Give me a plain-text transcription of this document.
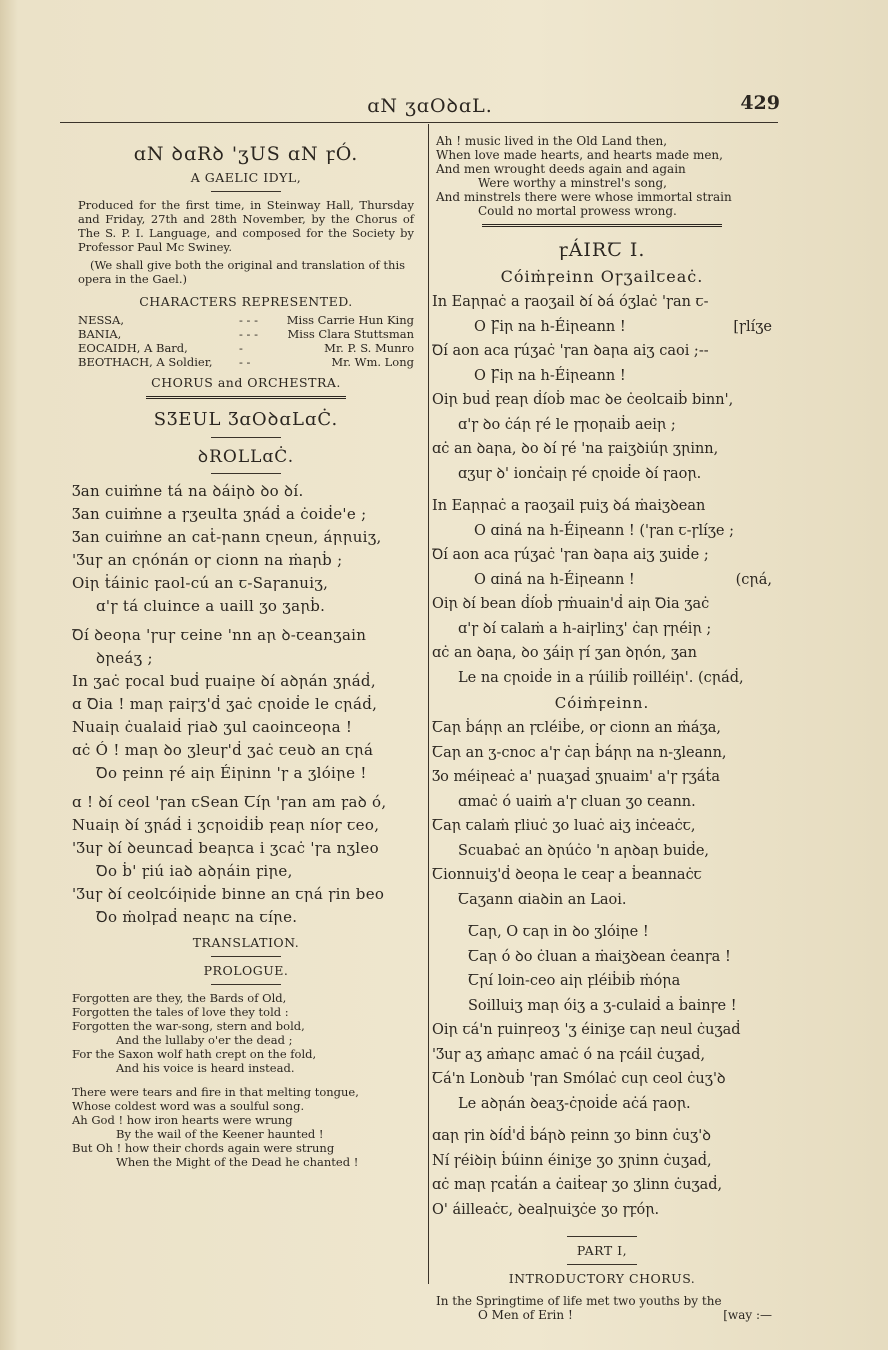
ɑN ʒɑOꝺɑL.	429
ɑN ꝺɑRꝺ 'ʒUS ɑN ꝼÓ.
A GAELIC IDYL,
Produced for the first time, in Steinway Hall, Thursday and Friday, 27th and 28th November, by the Chorus of The S. P. I. Language, and composed for the Society by Professor Paul Mc Swiney.
(We shall give both the original and translation of this opera in the Gael.)
CHARACTERS REPRESENTED.
NESSA,	- - -	Miss Carrie Hun King
BANIA,	- - -	Miss Clara Stuttsman
EOCAIDH, A Bard,	-	Mr. P. S. Munro
BEOTHACH, A Soldier,	- -	Mr. Wm. Long
CHORUS and ORCHESTRA.
SƷEUL ƷɑOꝺɑLɑĊ.
ꝺROLLɑĊ.
Ʒan cuiṁne tá na ꝺáiꞃꝺ ꝺo ꝺí.
Ʒan cuiṁne a ꞅʒeulta ʒꞃáḋ a ċoiḋe'e ;
Ʒan cuiṁne an caṫ-ꞃann ꞇꞃeun, áꞃꞃuiʒ,
'Ʒuꞅ an cꞃónán oꞅ cionn na ṁaꞃḃ ;
Oiꞃ ṫáinic ꝼaol-cú an ꞇ-Saꞅanuiʒ,
ɑ'ꞅ tá cluinꞇe a uaill ʒo ʒaꞃḃ.
Ꝺí ꝺeoꞃa 'ꞅuꞅ ꞇeine 'nn aꞃ ꝺ-ꞇeanʒain
ꝺꞃeáʒ ;
In ʒaċ ꝼocal buḋ ꝼuaiꞃe ꝺí aꝺꞃán ʒꞃáḋ,
ɑ Ꝺia ! maꞃ ꝼaiꞅʒ'ḋ ʒaċ cꞃoiḋe le cꞃáḋ,
Nuaiꞃ ċualaiḋ ꞅiaꝺ ʒul caoinꞇeoꞃa !
ɑċ Ó ! maꞃ ꝺo ʒleuꞅ'ḋ ʒaċ ꞇeuꝺ an ꞇꞃá
Ꝺo ꝼeinn ꞅé aiꞃ Éiꞃinn 'ꞅ a ʒlóiꞃe !
ɑ ! ꝺí ceol 'ꞅan ꞇSean Ꞇíꞃ 'ꞅan am ꝼaꝺ ó,
Nuaiꞃ ꝺí ʒꞃáḋ i ʒcꞃoiḋiḃ ꝼeaꞃ níoꞅ ꞇeo,
'Ʒuꞅ ꝺí ꝺeunꞇaḋ beaꞃꞇa i ʒcaċ 'ꞅa nʒleo
Ꝺo ḃ' ꝼiú iaꝺ aꝺꞃáin ꝼiꞃe,
'Ʒuꞅ ꝺí ceolꞇóiꞃiḋe binne an ꞇꞃá ꞅin beo
Ꝺo ṁolꝼaḋ neaꞃꞇ na ꞇíꞃe.
TRANSLATION.
PROLOGUE.
Forgotten are they, the Bards of Old,
Forgotten the tales of love they told :
Forgotten the war-song, stern and bold,
And the lullaby o'er the dead ;
For the Saxon wolf hath crept on the fold,
And his voice is heard instead.
There were tears and fire in that melting tongue,
Whose coldest word was a soulful song.
Ah God ! how iron hearts were wrung
By the wail of the Keener haunted !
But Oh ! how their chords again were strung
When the Might of the Dead he chanted !
Ah ! music lived in the Old Land then,
When love made hearts, and hearts made men,
And men wrought deeds again and again
Were worthy a minstrel's song,
And minstrels there were whose immortal strain
Could no mortal prowess wrong.
ꝼÁIRꞆ I.
Cóiṁꝼeinn Oꞅʒailꞇeaċ.
In Eaꞃꞃaċ a ꞅaoʒail ꝺí ꝺá óʒlaċ 'ꞅan ꞇ-
O Ꝼiꞃ na h-Éiꞃeann !	[ꞅlíʒe
Ꝺí aon aca ꞅúʒaċ 'ꞅan ꝺaꞃa aiʒ caoi ;--
O Ꝼiꞃ na h-Éiꞃeann !
Oiꞃ buḋ ꝼeaꞃ ḋíoḃ mac ꝺe ċeolꞇaiḃ binn',
ɑ'ꞅ ꝺo ċáꞃ ꞅé le ꞅꞃoꞃaiḃ aeiꞃ ;
ɑċ an ꝺaꞃa, ꝺo ꝺí ꞅé 'na ꝼaiʒꝺiúꞃ ʒꞃinn,
ɑʒuꞅ ꝺ' ionċaiꞃ ꞅé cꞃoiḋe ꝺí ꞅaoꞃ.
In Eaꞃꞃaċ a ꞅaoʒail ꝼuiʒ ꝺá ṁaiʒꝺean
O ɑiná na h-Éiꞃeann ! ('ꞅan ꞇ-ꞅlíʒe ;
Ꝺí aon aca ꞅúʒaċ 'ꞅan ꝺaꞃa aiʒ ʒuiḋe ;
O ɑiná na h-Éiꞃeann !	(cꞃá,
Oiꞃ ꝺí bean ḋíoḃ ꞅṁuain'ḋ aiꞃ Ꝺia ʒaċ
ɑ'ꞅ ꝺí ꞇalaṁ a h-aiꞅlinʒ' ċaꞃ ꞅꞃéiꞃ ;
ɑċ an ꝺaꞃa, ꝺo ʒáiꞃ ꞅí ʒan ꝺꞃón, ʒan
Le na cꞃoiḋe in a ꞅúiliḃ ꞅoilléiꞃ'. (cꞃáḋ,
Cóiṁꝼeinn.
Ꞇaꞃ ḃáꞃꞃ an ꞅꞇléiḃe, oꞅ cionn an ṁáʒa,
Ꞇaꞃ an ʒ-cnoc a'ꞅ ċaꞃ ḃáꞃꞃ na n-ʒleann,
Ʒo méiꞃeaċ a' ꞃuaʒaḋ ʒꞃuaim' a'ꞅ ꞅʒáṫa
ɑmaċ ó uaiṁ a'ꞅ cluan ʒo ꞇeann.
Ꞇaꞃ ꞇalaṁ ꝼliuċ ʒo luaċ aiʒ inċeaċꞇ,
Scuabaċ an ꝺꞃúċo 'n aꞃꝺaꞃ buiḋe,
Ꞇionnuiʒ'ḋ ꝺeoꞃa le ꞇeaꞅ a ḃeannaċꞇ
Ꞇaʒann ɑiaꝺin an Laoi.
Ꞇaꞃ, O ꞇaꞃ in ꝺo ʒlóiꞃe !
Ꞇaꞃ ó ꝺo ċluan a ṁaiʒꝺean ċeanꞅa !
Ꞇꞃí loin-ceo aiꞃ ꝼléiḃiḃ ṁóꞃa
Soilluiʒ maꞃ óiʒ a ʒ-culaiḋ a ḃainꞅe !
Oiꞃ ꞇá'n ꝼuinꞅeoʒ 'ʒ éiniʒe ꞇaꞃ neul ċuʒaḋ
'Ʒuꞅ aʒ aṁaꞃc amaċ ó na ꞅcáil ċuʒaḋ,
Ꞇá'n Lonꝺuḃ 'ꞅan Smólaċ cuꞃ ceol ċuʒ'ꝺ
Le aꝺꞃán ꝺeaʒ-ċꞃoiḋe aċá ꞅaoꞃ.
ɑaꞃ ꞅin ꝺíḋ'ḋ ḃáꞃꝺ ꝼeinn ʒo binn ċuʒ'ꝺ
Ní ꞅéiꝺiꞃ ḃúinn éiniʒe ʒo ʒꞃinn ċuʒaḋ,
ɑċ maꞃ ꞅcaṫán a ċaiṫeaꞅ ʒo ʒlinn ċuʒaḋ,
O' áilleaċꞇ, ꝺealꞃuiʒċe ʒo ꞅꝼóꞃ.
PART I,
INTRODUCTORY CHORUS.
In the Springtime of life met two youths by the
O Men of Erin !	[way :—
